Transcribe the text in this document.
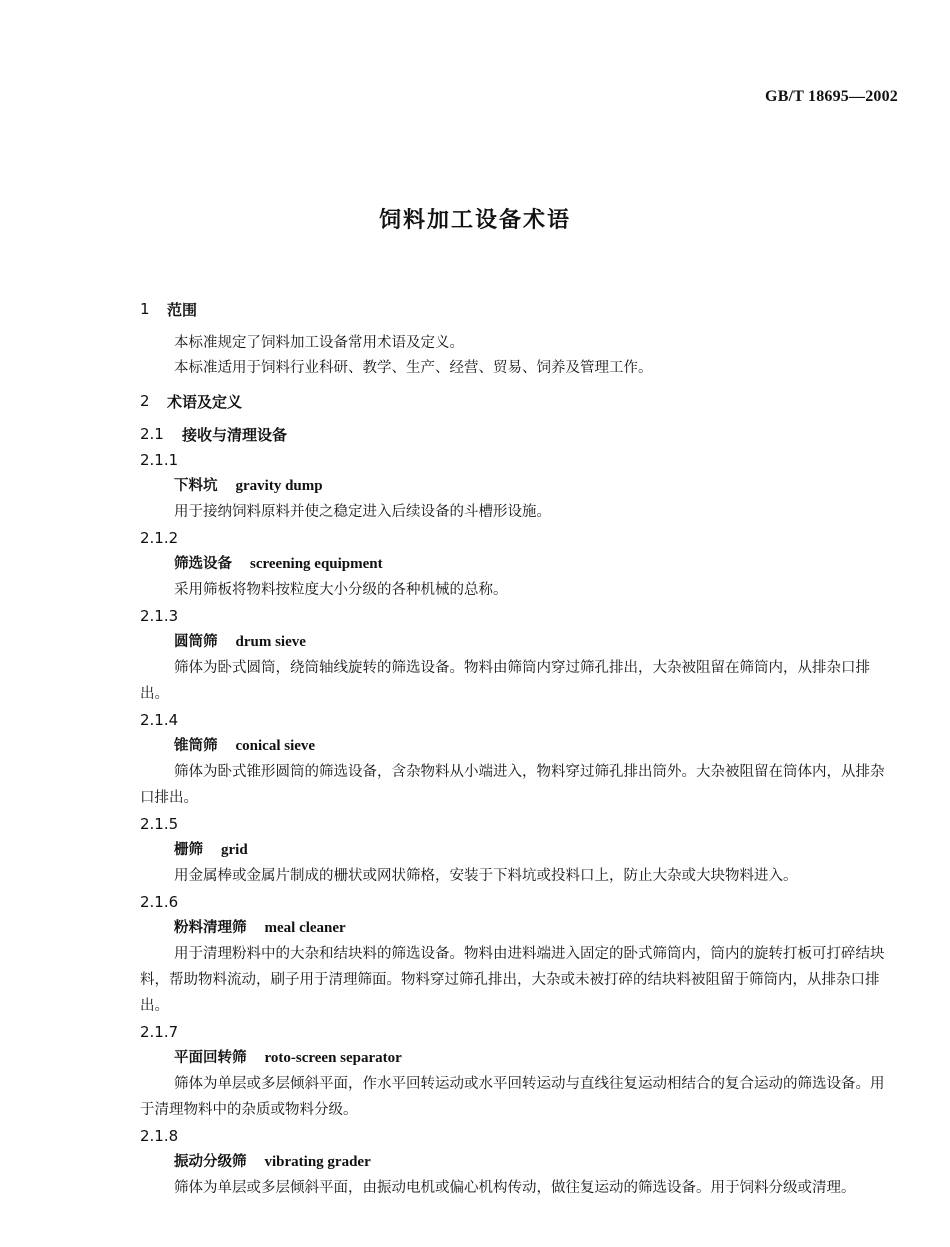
GB/T 18695—2002
饲料加工设备术语
1	范围

本标准规定了饲料加工设备常用术语及定义。

本标准适用于饲料行业科研、教学、生产、经营、贸易、饲养及管理工作。

2	术语及定义
2.1	接收与清理设备
2.1.1
下料坑 gravity dump

用于接纳饲料原料并使之稳定进入后续设备的斗槽形设施。

2.1.2
筛选设备 screening equipment

采用筛板将物料按粒度大小分级的各种机械的总称。

2.1.3
圆筒筛 drum sieve

筛体为卧式圆筒，绕筒轴线旋转的筛选设备。物料由筛筒内穿过筛孔排出，大杂被阻留在筛筒内，从排杂口排出。

2.1.4
锥筒筛 conical sieve

筛体为卧式锥形圆筒的筛选设备，含杂物料从小端进入，物料穿过筛孔排出筒外。大杂被阻留在筒体内，从排杂口排出。

2.1.5
栅筛 grid

用金属棒或金属片制成的栅状或网状筛格，安装于下料坑或投料口上，防止大杂或大块物料进入。

2.1.6
粉料清理筛 meal cleaner

用于清理粉料中的大杂和结块料的筛选设备。物料由进料端进入固定的卧式筛筒内，筒内的旋转打板可打碎结块料，帮助物料流动，刷子用于清理筛面。物料穿过筛孔排出，大杂或未被打碎的结块料被阻留于筛筒内，从排杂口排出。

2.1.7
平面回转筛 roto-screen separator

筛体为单层或多层倾斜平面，作水平回转运动或水平回转运动与直线往复运动相结合的复合运动的筛选设备。用于清理物料中的杂质或物料分级。

2.1.8
振动分级筛 vibrating grader

筛体为单层或多层倾斜平面，由振动电机或偏心机构传动，做往复运动的筛选设备。用于饲料分级或清理。
